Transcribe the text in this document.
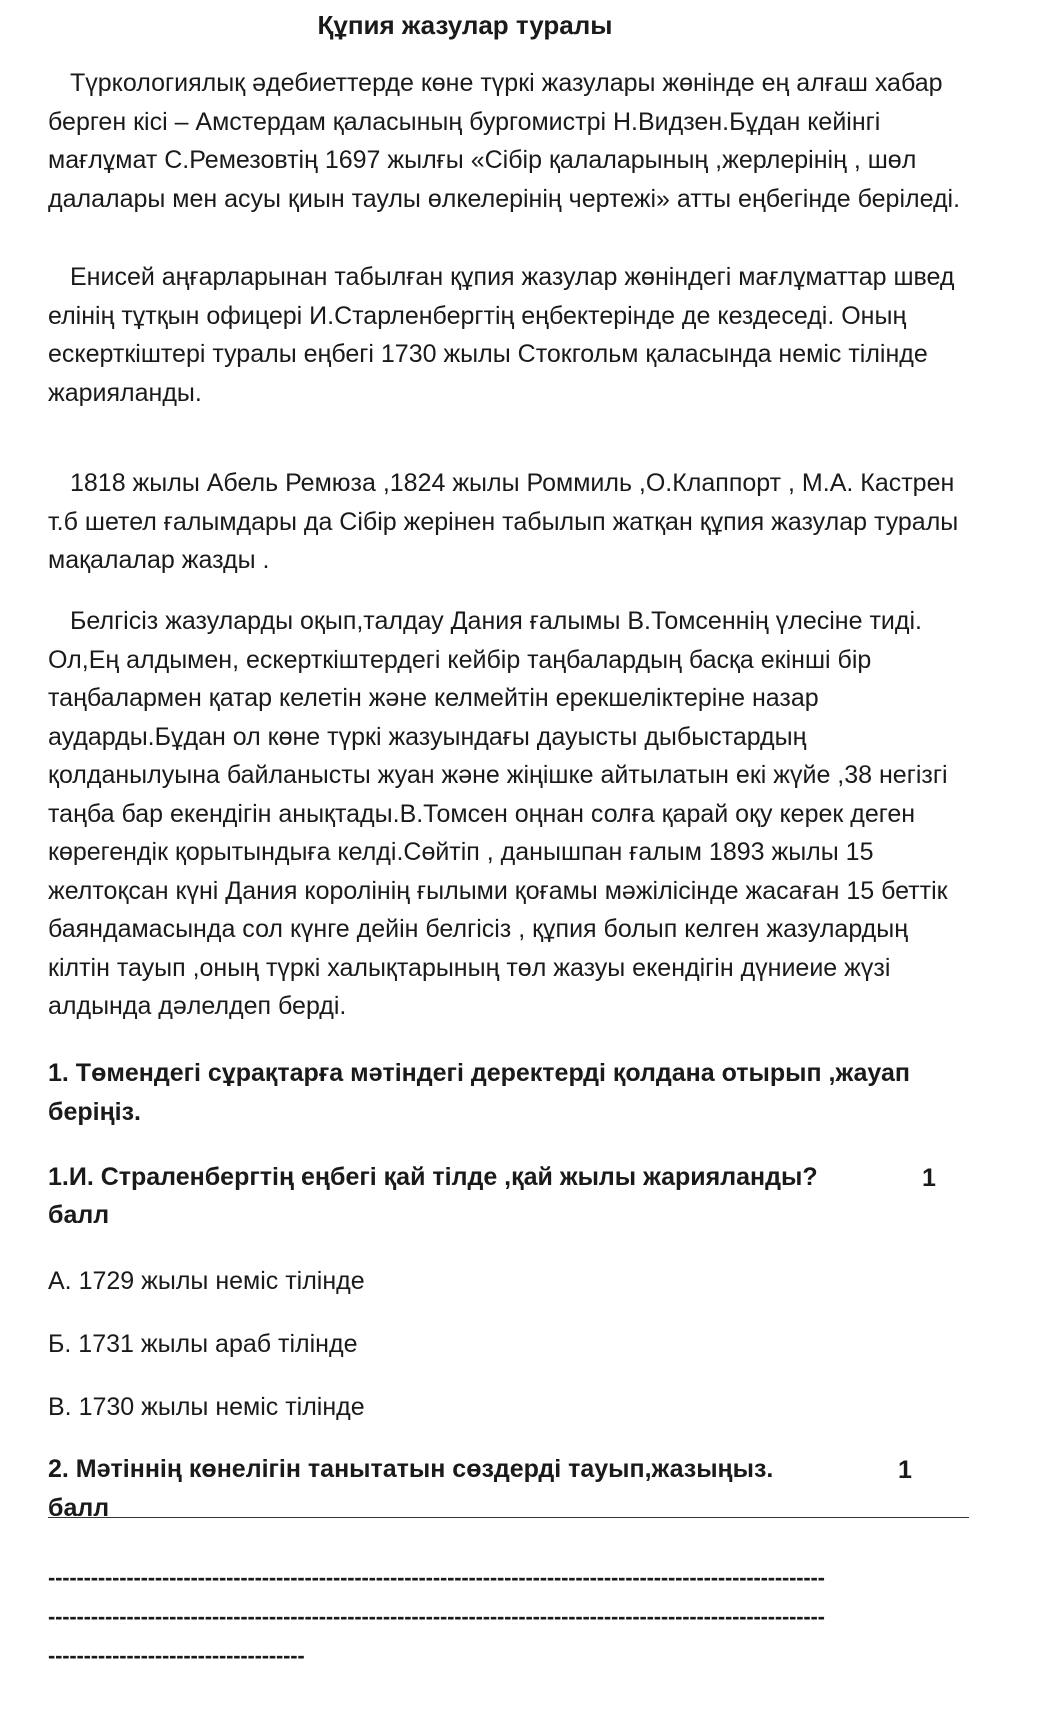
Құпия жазулар туралы

Түркологиялық әдебиеттерде көне түркі жазулары жөнінде ең алғаш хабар берген кісі – Амстердам қаласының бургомистрі Н.Видзен.Бұдан кейінгі мағлұмат С.Ремезовтің 1697 жылғы «Сібір қалаларының ,жерлерінің , шөл далалары мен асуы қиын таулы өлкелерінің чертежі» атты еңбегінде беріледі.

Енисей аңғарларынан табылған құпия жазулар жөніндегі мағлұматтар швед елінің тұтқын офицері И.Старленбергтің еңбектерінде де кездеседі. Оның ескерткіштері туралы еңбегі 1730 жылы Стокгольм қаласында неміс тілінде жарияланды.

1818 жылы Абель Ремюза ,1824 жылы Роммиль ,О.Клаппорт , М.А. Кастрен т.б шетел ғалымдары да Сібір жерінен табылып жатқан құпия жазулар туралы мақалалар жазды .

Белгісіз жазуларды оқып,талдау Дания ғалымы В.Томсеннің үлесіне тиді. Ол,Ең алдымен, ескерткіштердегі кейбір таңбалардың басқа екінші бір таңбалармен қатар келетін және келмейтін ерекшеліктеріне назар аударды.Бұдан ол көне түркі жазуындағы дауысты дыбыстардың қолданылуына байланысты жуан және жіңішке айтылатын екі жүйе ,38 негізгі таңба бар екендігін анықтады.В.Томсен оңнан солға қарай оқу керек деген көрегендік қорытындыға келді.Сөйтіп , данышпан ғалым 1893 жылы 15 желтоқсан күні Дания королінің ғылыми қоғамы мәжілісінде жасаған 15 беттік баяндамасында сол күнге дейін белгісіз , құпия болып келген жазулардың кілтін тауып ,оның түркі халықтарының төл жазуы екендігін дүниеие жүзі алдында дәлелдеп берді.

1. Төмендегі сұрақтарға мәтіндегі деректерді қолдана отырып ,жауап беріңіз.

1.И. Страленбергтің еңбегі қай тілде ,қай жылы жарияланды?	1

балл

А. 1729 жылы неміс тілінде

Б. 1731 жылы араб тілінде

В. 1730 жылы неміс тілінде

2. Мәтіннің көнелігін танытатын сөздерді тауып,жазыңыз.	1

балл

-------------------------------------------------------------------------------------------------------------
-------------------------------------------------------------------------------------------------------------
------------------------------------
